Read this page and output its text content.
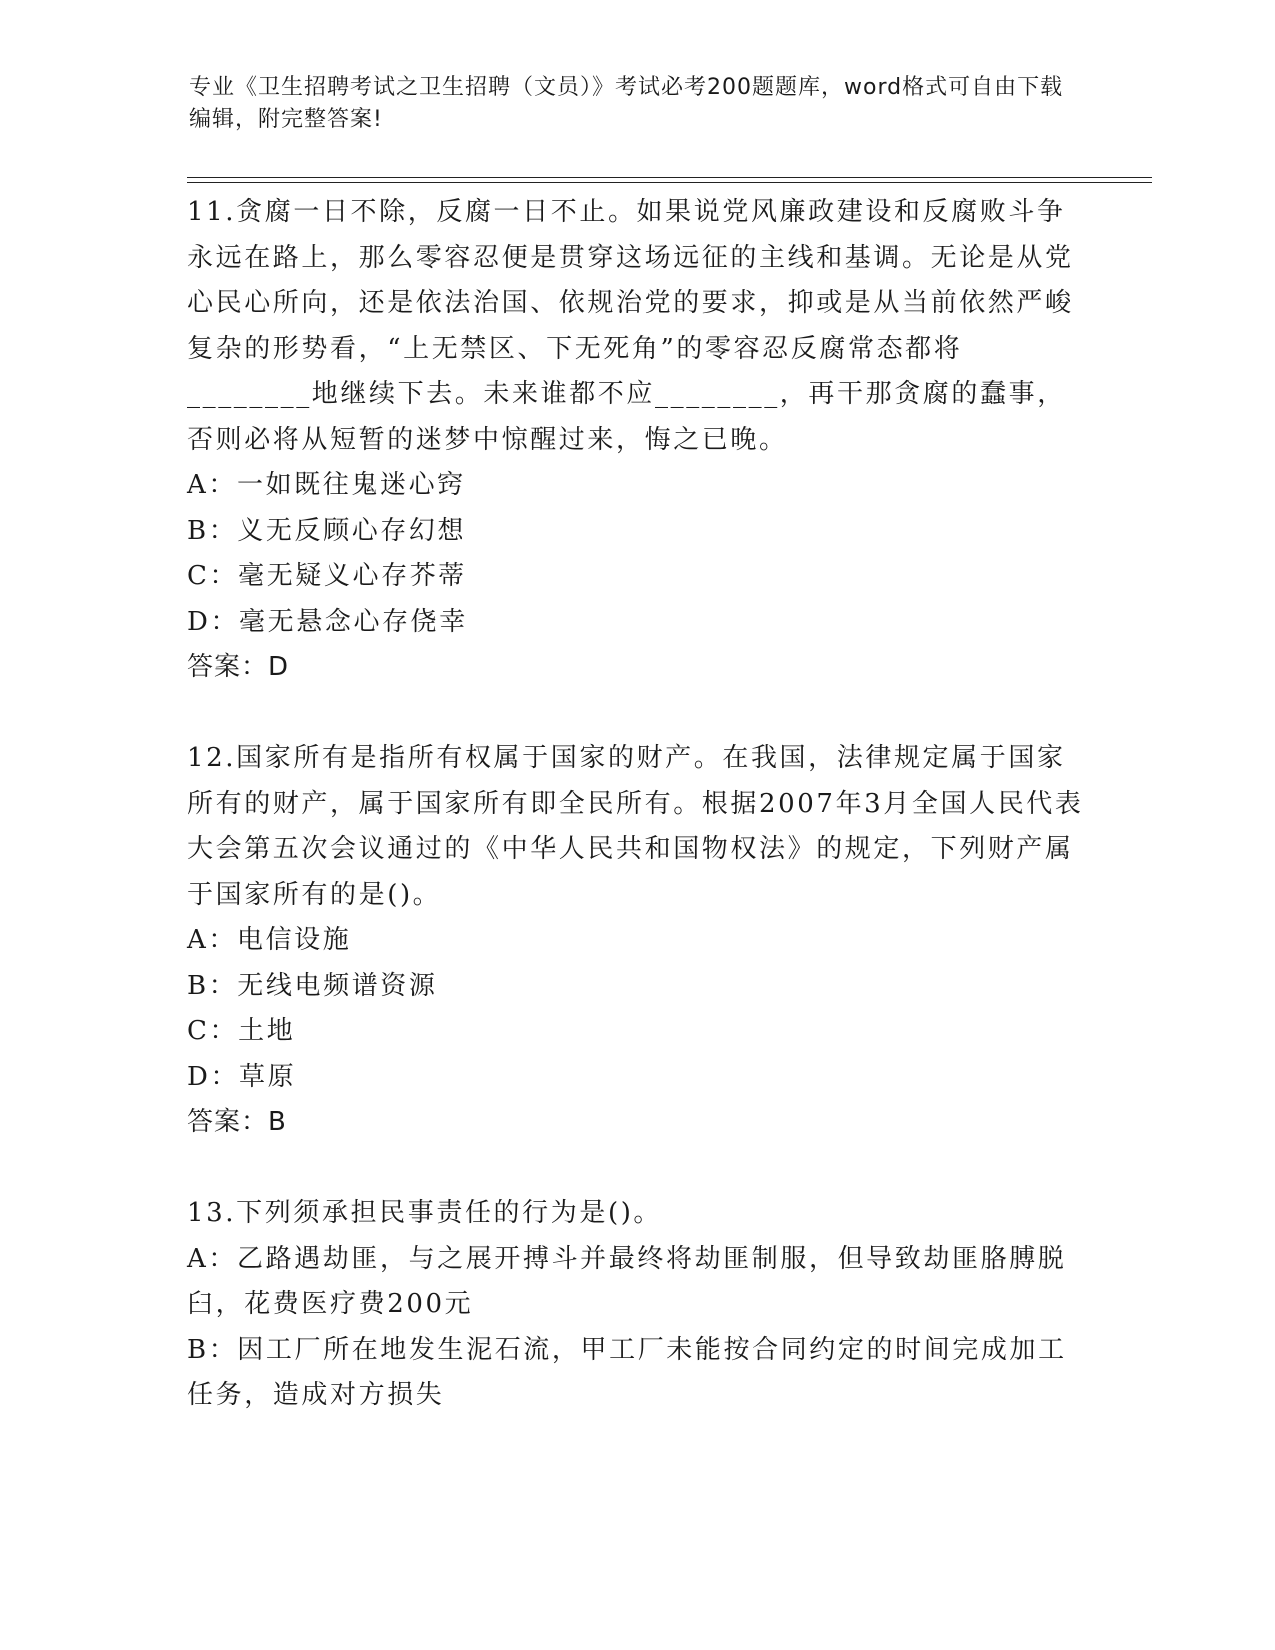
专业《卫生招聘考试之卫生招聘（文员）》考试必考200题题库，word格式可自由下载编辑，附完整答案!

11.贪腐一日不除，反腐一日不止。如果说党风廉政建设和反腐败斗争永远在路上，那么零容忍便是贯穿这场远征的主线和基调。无论是从党心民心所向，还是依法治国、依规治党的要求，抑或是从当前依然严峻复杂的形势看，“上无禁区、下无死角”的零容忍反腐常态都将________地继续下去。未来谁都不应________，再干那贪腐的蠢事，否则必将从短暂的迷梦中惊醒过来，悔之已晚。

A：一如既往鬼迷心窍

B：义无反顾心存幻想

C：毫无疑义心存芥蒂

D：毫无悬念心存侥幸

答案：D

12.国家所有是指所有权属于国家的财产。在我国，法律规定属于国家所有的财产，属于国家所有即全民所有。根据2007年3月全国人民代表大会第五次会议通过的《中华人民共和国物权法》的规定，下列财产属于国家所有的是()。

A：电信设施

B：无线电频谱资源

C：土地

D：草原

答案：B

13.下列须承担民事责任的行为是()。

A：乙路遇劫匪，与之展开搏斗并最终将劫匪制服，但导致劫匪胳膊脱臼，花费医疗费200元

B：因工厂所在地发生泥石流，甲工厂未能按合同约定的时间完成加工任务，造成对方损失
